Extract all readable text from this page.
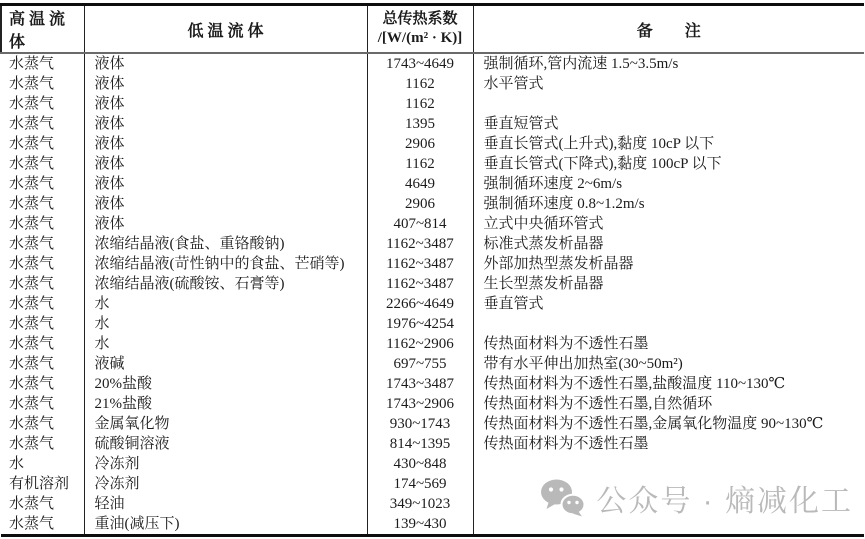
高 温 流 体	低 温 流 体	总传热系数
/[W/(m² · K)]	备　　注
水蒸气	液体	1743~4649	强制循环,管内流速 1.5~3.5m/s
水蒸气	液体	1162	水平管式
水蒸气	液体	1162	
水蒸气	液体	1395	垂直短管式
水蒸气	液体	2906	垂直长管式(上升式),黏度 10cP 以下
水蒸气	液体	1162	垂直长管式(下降式),黏度 100cP 以下
水蒸气	液体	4649	强制循环速度 2~6m/s
水蒸气	液体	2906	强制循环速度 0.8~1.2m/s
水蒸气	液体	407~814	立式中央循环管式
水蒸气	浓缩结晶液(食盐、重铬酸钠)	1162~3487	标准式蒸发析晶器
水蒸气	浓缩结晶液(苛性钠中的食盐、芒硝等)	1162~3487	外部加热型蒸发析晶器
水蒸气	浓缩结晶液(硫酸铵、石膏等)	1162~3487	生长型蒸发析晶器
水蒸气	水	2266~4649	垂直管式
水蒸气	水	1976~4254	
水蒸气	水	1162~2906	传热面材料为不透性石墨
水蒸气	液碱	697~755	带有水平伸出加热室(30~50m²)
水蒸气	20%盐酸	1743~3487	传热面材料为不透性石墨,盐酸温度 110~130℃
水蒸气	21%盐酸	1743~2906	传热面材料为不透性石墨,自然循环
水蒸气	金属氧化物	930~1743	传热面材料为不透性石墨,金属氧化物温度 90~130℃
水蒸气	硫酸铜溶液	814~1395	传热面材料为不透性石墨
水	冷冻剂	430~848	
有机溶剂	冷冻剂	174~569	
水蒸气	轻油	349~1023	
水蒸气	重油(减压下)	139~430	
公众号 · 熵减化工
